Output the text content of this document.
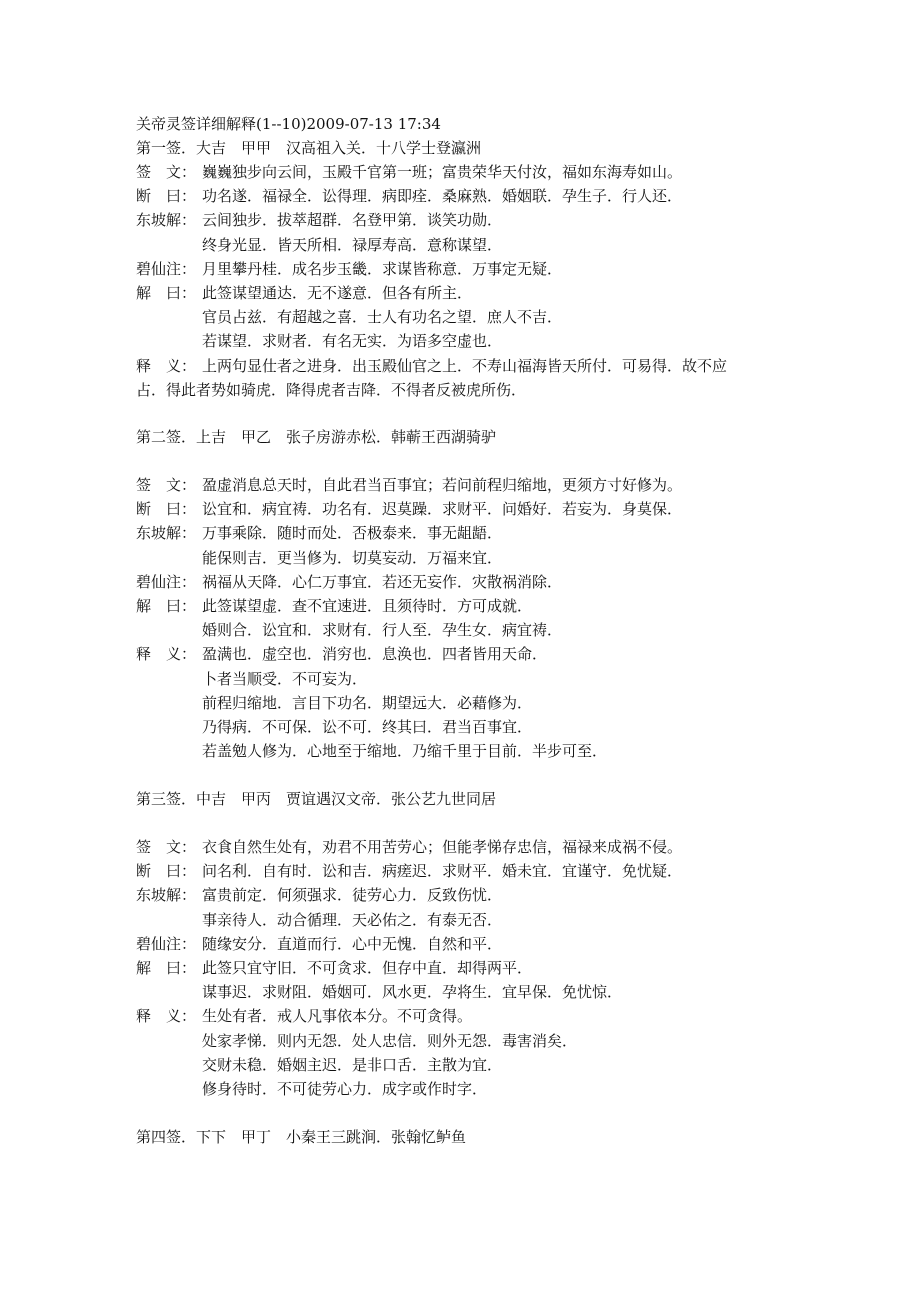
关帝灵签详细解释(1--10)2009-07-13 17:34
第一签．大吉　甲甲　汉高祖入关．十八学士登瀛洲
签　文： 巍巍独步向云间，玉殿千官第一班；富贵荣华天付汝，福如东海寿如山。
断　曰： 功名遂．福禄全．讼得理．病即痊．桑麻熟．婚姻联．孕生子．行人还．
东坡解： 云间独步．拔萃超群．名登甲第．谈笑功勋．
终身光显．皆天所相．禄厚寿高．意称谋望．
碧仙注： 月里攀丹桂．成名步玉畿．求谋皆称意．万事定无疑．
解　曰： 此签谋望通达．无不遂意．但各有所主．
官员占兹．有超越之喜．士人有功名之望．庶人不吉．
若谋望．求财者．有名无实．为语多空虚也．
释　义： 上两句显仕者之进身．出玉殿仙官之上．不寿山福海皆天所付．可易得．故不应
占．得此者势如骑虎．降得虎者吉降．不得者反被虎所伤．
第二签．上吉　甲乙　张子房游赤松．韩蕲王西湖骑驴
签　文： 盈虚消息总天时，自此君当百事宜；若问前程归缩地，更须方寸好修为。
断　曰： 讼宜和．病宜祷．功名有．迟莫躁．求财平．问婚好．若妄为．身莫保．
东坡解： 万事乘除．随时而处．否极泰来．事无龃龉．
能保则吉．更当修为．切莫妄动．万福来宜．
碧仙注： 祸福从天降．心仁万事宜．若还无妄作．灾散祸消除．
解　曰： 此签谋望虚．查不宜速进．且须待时．方可成就．
婚则合．讼宜和．求财有．行人至．孕生女．病宜祷．
释　义： 盈满也．虚空也．消穷也．息涣也．四者皆用天命．
卜者当顺受．不可妄为．
前程归缩地．言目下功名．期望远大．必藉修为．
乃得病．不可保．讼不可．终其曰．君当百事宜．
若盖勉人修为．心地至于缩地．乃缩千里于目前．半步可至．
第三签．中吉　甲丙　贾谊遇汉文帝．张公艺九世同居
签　文： 衣食自然生处有，劝君不用苦劳心；但能孝悌存忠信，福禄来成祸不侵。
断　曰： 问名利．自有时．讼和吉．病瘥迟．求财平．婚未宜．宜谨守．免忧疑．
东坡解： 富贵前定．何须强求．徒劳心力．反致伤忧．
事亲待人．动合循理．天必佑之．有泰无否．
碧仙注： 随缘安分．直道而行．心中无愧．自然和平．
解　曰： 此签只宜守旧．不可贪求．但存中直．却得两平．
谋事迟．求财阻．婚姻可．风水更．孕将生．宜早保．免忧惊．
释　义： 生处有者．戒人凡事依本分。不可贪得。
处家孝悌．则内无怨．处人忠信．则外无怨．毒害消矣．
交财未稳．婚姻主迟．是非口舌．主散为宜．
修身待时．不可徒劳心力．成字或作时字．
第四签．下下　甲丁　小秦王三跳涧．张翰忆鲈鱼
